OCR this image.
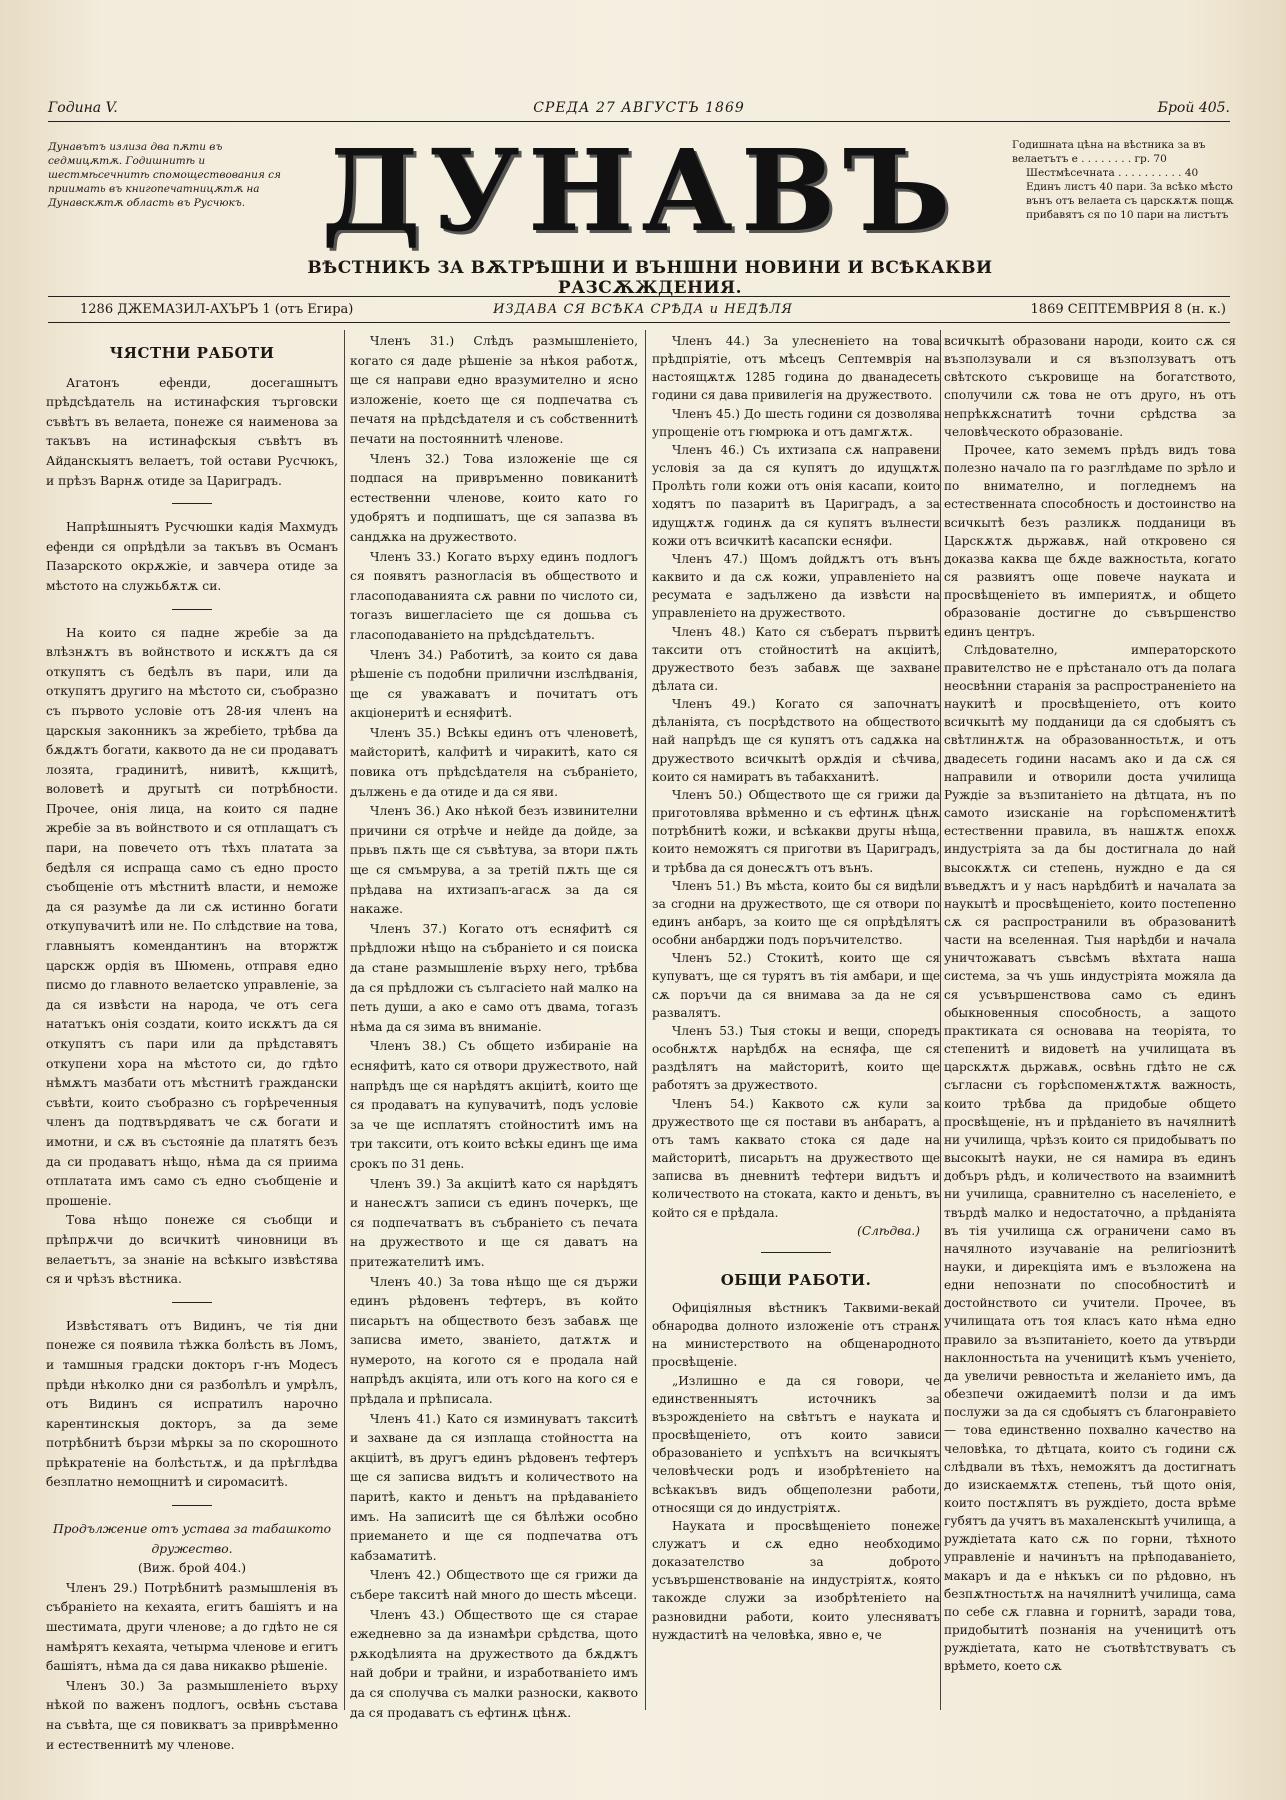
Година V.	СРЕДА 27 АВГУСТЪ 1869	Брой 405.
Дунавътъ излиза два пѫти въ седмицѫтѫ. Годишнитѣ и шестмѣсечнитѣ спомоществования ся приимать въ книгопечатницѫтѫ на Дунавскѫтѫ область въ Русчюкъ.
Годишната цѣна на вѣстника за въ велаетътъ е . . . . . . . . гр. 70
Шестмѣсечната . . . . . . . . . . 40
Единъ листъ 40 пари. За всѣко мѣсто вънъ отъ велаета съ царскѫтѫ пощѫ прибавятъ ся по 10 пари на листътъ
ДУНАВЪ
ВѢСТНИКЪ ЗА ВѪТРѢШНИ И ВЪНШНИ НОВИНИ И ВСѢКАКВИ РАЗСѪЖДЕНИЯ.
1286 ДЖЕМАЗИЛ-АХЪРЪ 1 (отъ Егира)	ИЗДАВА СЯ ВСѢКА СРѢДА и НЕДѢЛЯ	1869 СЕПТЕМВРИЯ 8 (н. к.)
ЧЯСТНИ РАБОТИ

Агатонъ ефенди, досегашнытъ прѣдсѣдатель на истинафския търговски съвѣтъ въ велаета, понеже ся наименова за такъвъ на истинафскыя съвѣтъ въ Айданскыятъ велаетъ, той остави Русчюкъ, и прѣзъ Варнѫ отиде за Цариградъ.

Напрѣшныятъ Русчюшки кадія Махмудъ ефенди ся опрѣдѣли за такъвъ въ Османъ Пазарското окрѫжіе, и завчера отиде за мѣстото на служьбѫтѫ си.

На които ся падне жребіе за да влѣзнѫтъ въ войнството и искѫтъ да ся откупятъ съ бедѣлъ въ пари, или да откупятъ другиго на мѣстото си, съобразно съ първото условіе отъ 28-ия членъ на царскыя законникъ за жребіето, трѣбва да бѫдѫтъ богати, каквото да не си продаватъ лозята, градинитѣ, нивитѣ, кѫщитѣ, воловетѣ и другытѣ си потрѣбности. Прочее, онія лица, на които ся падне жребіе за въ войнството и ся отплащатъ съ пари, на повечето отъ тѣхъ платата за бедѣля ся испраща само съ едно просто съобщеніе отъ мѣстнитѣ власти, и неможе да ся разумѣе да ли сѫ истинно богати откупувачитѣ или не. По слѣдствие на това, главныятъ комендантинъ на вторжтж царскж ордія въ Шюмень, отправя едно писмо до главното велаетско управленіе, за да ся извѣсти на народа, че отъ сега нататъкъ онія создати, които искѫтъ да ся откупятъ съ пари или да прѣдставятъ откупени хора на мѣстото си, до гдѣто нѣмѫтъ мазбати отъ мѣстнитѣ граждански съвѣти, които съобразно съ горѣреченныя членъ да подтвърдяватъ че сѫ богати и имотни, и сѫ въ състояніе да платятъ безъ да си продаватъ нѣщо, нѣма да ся приима отплатата имъ само съ едно съобщеніе и прошеніе.

Това нѣщо понеже ся съобщи и прѣпрѫчи до всичкитѣ чиновници въ велаетътъ, за знаніе на всѣкыго извѣстява ся и чрѣзъ вѣстника.

Извѣстяватъ отъ Видинъ, че тія дни понеже ся появила тѣжка болѣсть въ Ломъ, и тамшныя градски докторъ г-нъ Модесъ прѣди нѣколко дни ся разболѣлъ и умрѣлъ, отъ Видинъ ся испратилъ нарочно карентинскыя докторъ, за да земе потрѣбнитѣ бързи мѣркы за по скорошното прѣкратеніе на болѣстьтѫ, и да прѣглѣдва безплатно немощнитѣ и сиромаситѣ.

Продължение отъ устава за табашкото дружество.

(Виж. брой 404.)

Членъ 29.) Потрѣбнитѣ размышленія въ събраніето на кехаята, егитъ башіятъ и на шестимата, други членове; а до гдѣто не ся намѣрятъ кехаята, четырма членове и егитъ башіятъ, нѣма да ся дава никакво рѣшеніе.

Членъ 30.) За размышленіето върху нѣкой по важенъ подлогъ, освѣнь състава на съвѣта, ще ся повикватъ за приврѣменно и естественнитѣ му членове.

Членъ 31.) Слѣдъ размышленіето, когато ся даде рѣшеніе за нѣкоя работѫ, ще ся направи едно вразумителнo и ясно изложеніе, което ще ся подпечатва съ печатя на прѣдсѣдателя и съ собственнитѣ печати на постояннитѣ членове.

Членъ 32.) Това изложеніе ще ся подпася на привръменно повиканитѣ естественни членове, които като го удобрятъ и подпишатъ, ще ся запазва въ сандѫка на дружеството.

Членъ 33.) Когато върху единъ подлогъ ся появятъ разногласія въ обществото и гласоподаванията сѫ равни по числото си, тогазъ вишегласіето ще ся дошьва съ гласоподаваніето на прѣдсѣдательтъ.

Членъ 34.) Работитѣ, за които ся дава рѣшеніе съ подобни прилични изслѣдванія, ще ся уважаватъ и почитатъ отъ акціонеритѣ и есняфитѣ.

Членъ 35.) Всѣкы единъ отъ членоветѣ, майсторитѣ, калфитѣ и чиракитѣ, като ся повика отъ прѣдсѣдателя на събраніето, дължень е да отиде и да ся яви.

Членъ 36.) Ако нѣкой безъ извинителни причини ся отрѣче и нейде да дойде, за прьвъ пѫть ще ся съвѣтува, за втори пѫть ще ся смъмрува, а за третій пѫть ще ся прѣдава на ихтизапъ-агасѫ за да ся накаже.

Членъ 37.) Когато отъ есняфитѣ ся прѣдложи нѣщо на събраніето и ся поиска да стане размышленіе върху него, трѣбва да ся прѣдложи съ сългасіето най малко на петь души, а ако е само отъ двама, тогазъ нѣма да ся зима въ вниманіе.

Членъ 38.) Съ общето избираніе на есняфитѣ, като ся отвори дружеството, най напрѣдъ ще ся нарѣдятъ акціитѣ, които ще ся продаватъ на купувачитѣ, подъ условіе за че ще исплатятъ стойноститѣ имъ на три таксити, отъ които всѣкы единъ ще има срокъ по 31 день.

Членъ 39.) За акціитѣ като ся нарѣдятъ и нанесѫтъ записи съ единъ почеркъ, ще ся подпечатватъ въ събраніето съ печата на дружеството и ще ся даватъ на притежателитѣ имъ.

Членъ 40.) За това нѣщо ще ся държи единъ рѣдовенъ тефтеръ, въ който писарьтъ на обществото безъ забавѫ ще записва името, званіето, датѫтѫ и нумерото, на когото ся е продала най напрѣдъ акціята, или отъ кого на кого ся е прѣдала и прѣписала.

Членъ 41.) Като ся изминуватъ такситѣ и захване да ся изплаща стойността на акціитѣ, въ другъ единъ рѣдовенъ тефтеръ ще ся записва видътъ и количеството на паритѣ, както и деньтъ на прѣдаваніето имъ. На записитѣ ще ся бѣлѣжи особно приемането и ще ся подпечатва отъ кабзаматитѣ.

Членъ 42.) Обществото ще ся грижи да събере такситѣ най много до шесть мѣсеци.

Членъ 43.) Обществото ще ся старае ежедневно за да изнамѣри срѣдства, щото рѫкодѣлията на дружеството да бѫдѫтъ най добри и трайни, и изработваніето имъ да ся сполучва съ малки разноски, каквото да ся продаватъ съ ефтинѫ цѣнѫ.

Членъ 44.) За улесненіето на това прѣдпріятіе, отъ мѣсецъ Септемврія на настоящѫтѫ 1285 година до дванадесеть години ся дава привилегія на дружеството.

Членъ 45.) До шесть години ся дозволява упрощеніе отъ гюмрюка и отъ дамгѫтѫ.

Членъ 46.) Съ ихтизапа сѫ направени условія за да ся купятъ до идущѫтѫ Пролѣть голи кожи отъ онія касапи, които ходятъ по пазаритѣ въ Цариградъ, а за идущѫтѫ годинѫ да ся купятъ вълнести кожи отъ всичкитѣ касапски есняфи.

Членъ 47.) Щомъ дойдѫтъ отъ вънъ каквито и да сѫ кожи, управленіето на ресумата е задължено да извѣсти на управленіето на дружеството.

Членъ 48.) Като ся събератъ първитѣ таксити отъ стойноститѣ на акціитѣ, дружеството безъ забавѫ ще захване дѣлата си.

Членъ 49.) Когато ся започнатъ дѣланіята, съ посрѣдството на обществото най напрѣдъ ще ся купятъ отъ садѫка на дружеството всичкытѣ орѫдія и сѣчива, които ся намиратъ въ табакханитѣ.

Членъ 50.) Обществото ще ся грижи да приготовлява врѣменно и съ ефтинѫ цѣнѫ потрѣбнитѣ кожи, и всѣкакви другы нѣща, които неможятъ ся приготви въ Цариградъ, и трѣбва да ся донесѫтъ отъ вънъ.

Членъ 51.) Въ мѣста, които бы ся видѣли за сгодни на дружеството, ще ся отвори по единъ анбаръ, за които ще ся опрѣдѣлятъ особни анбарджи подъ поръчителство.

Членъ 52.) Стокитѣ, които ще ся купуватъ, ще ся турятъ въ тія амбари, и ще сѫ поръчи да ся внимава за да не ся развалятъ.

Членъ 53.) Тыя стокы и вещи, споредъ особнѫтѫ нарѣдбѫ на есняфа, ще ся раздѣлятъ на майсторитѣ, които ще работятъ за дружеството.

Членъ 54.) Каквото сѫ кули за дружеството ще ся постави въ анбаратъ, а отъ тамъ каквато стока ся даде на майсторитѣ, писарьтъ на дружеството ще записва въ дневнитѣ тефтери видътъ и количеството на стоката, както и деньтъ, въ който ся е прѣдала.

(Слѣдва.)

ОБЩИ РАБОТИ.

Офиціялныя вѣстникъ Таквими-векай обнародва долното изложеніе отъ странѫ на министерството на общенародното просвѣщеніе.

„Излишно е да ся говори, че единственныятъ источникъ за възрожденіето на свѣтътъ е науката и просвѣщеніето, отъ които зависи образованіето и успѣхътъ на всичкыятъ человѣчески родъ и изобрѣтеніето на всѣкакъвъ видъ общеполезни работи, относящи ся до индустріятѫ.

Науката и просвѣщеніето понеже служатъ и сѫ едно необходимо доказателство за доброто усъвършенствованіе на индустріятѫ, която такожде служи за изобрѣтеніето на разновидни работи, които улесняватъ нуждаститѣ на человѣка, явно е, че

всичкытѣ образовани народи, които сѫ ся възползували и ся възползуватъ отъ свѣтското съкровище на богатството, сполучили сѫ това не отъ друго, нъ отъ непрѣкѫснатитѣ точни срѣдства за человѣческото образованіе.

Прочее, като земемъ прѣдъ видъ това полезно начало па го разглѣдаме по зрѣло и по внимателно, и погледнемъ на естественната способность и достоинство на всичкытѣ безъ разликѫ подданици въ Царскѫтѫ дьржавѫ, най откровено ся доказва каква ще бѫде важностьта, когато ся развиятъ още повече науката и просвѣщеніето въ империятѫ, и общето образованіе достигне до съвършенство единъ центръ.

Слѣдователно, императорското правителство не е прѣстанало отъ да полага неосвѣнни старанія за распространеніето на наукитѣ и просвѣщеніето, отъ които всичкытѣ му подданици да ся сдобыятъ съ свѣтлинѫтѫ на образованностьтѫ, и отъ двадесеть години насамъ ако и да сѫ ся направили и отворили доста училища Руждіе за възпитаніето на дѣтцата, нъ по самото изисканіе на горѣспоменѫтитѣ естественни правила, въ нашѫтѫ епохѫ индустріята за да бы достигнала до най высокѫтѫ си степень, нуждно е да ся въведѫтъ и у насъ нарѣдбитѣ и началата за наукытѣ и просвѣщеніето, които постепенно сѫ ся распространили въ образованитѣ части на вселенная. Тыя нарѣдби и начала уничтожаватъ съвсѣмъ вѣхтата наша система, за чъ ушь индустріята можяла да ся усъвършенствова само съ единъ обыкновенныя способность, а защото практиката ся основава на теоріята, то степенитѣ и видоветѣ на училищата въ царскѫтѫ дьржавѫ, освѣнь гдѣто не сѫ съгласни съ горѣспоменѫтѫтѫ важность, които трѣбва да придобые общето просвѣщеніе, нъ и прѣданіето въ начялнитѣ ни училища, чрѣзъ които ся придобыватъ по высокытѣ науки, не ся намира въ единъ добъръ рѣдъ, и количеството на взаимнитѣ ни училища, сравнително съ населеніето, е твърдѣ малко и недостаточно, а прѣданіята въ тія училища сѫ ограничени само въ начялното изучаваніе на религіознитѣ науки, и дирекціята имъ е възложена на едни непознати по способноститѣ и достойнството си учители. Прочее, въ училищата отъ тоя класъ като нѣма едно правило за възпитаніето, което да утвърди наклонностьта на ученицитѣ къмъ ученіето, да увеличи ревностьта и желаніето имъ, да обезпечи ожидаемитѣ ползи и да имъ послужи за да ся сдобыятъ съ благонравіето — това единственно похвално качество на человѣка, то дѣтцата, които съ години сѫ слѣдвали въ тѣхъ, неможятъ да достигнатъ до изискаемѫтѫ степень, тъй щото онія, които постѫпятъ въ руждіето, доста врѣме губятъ да учятъ въ махаленскытѣ училища, а руждіетата като сѫ по горни, тѣхното управленіе и начинътъ на прѣподаваніето, макаръ и да е нѣкъкъ си по рѣдовно, нъ безпѫтностьтѫ на начялнитѣ училища, сама по себе сѫ главна и горнитѣ, заради това, придобытитѣ познанія на ученицитѣ отъ руждіетата, като не съотвѣтствуватъ съ врѣмето, което сѫ
